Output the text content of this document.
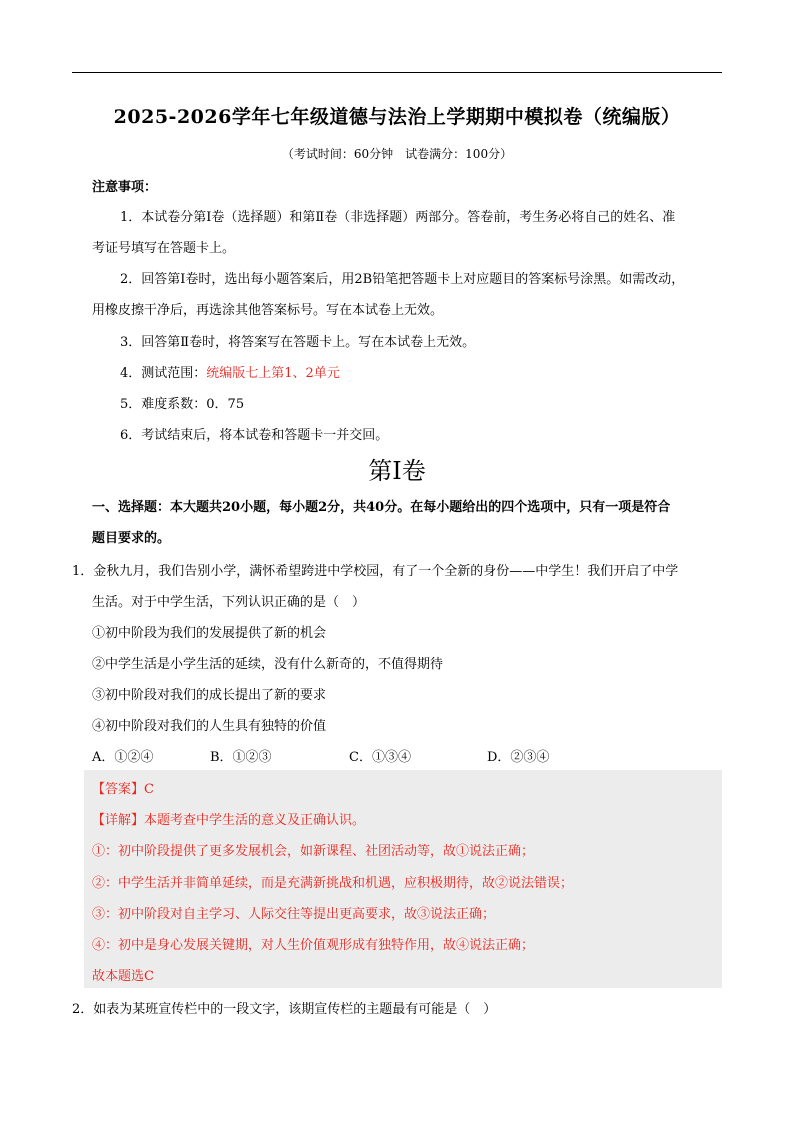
2025-2026学年七年级道德与法治上学期期中模拟卷（统编版）
（考试时间：60分钟　试卷满分：100分）
注意事项：
1．本试卷分第Ⅰ卷（选择题）和第Ⅱ卷（非选择题）两部分。答卷前，考生务必将自己的姓名、准
考证号填写在答题卡上。
2．回答第Ⅰ卷时，选出每小题答案后，用2B铅笔把答题卡上对应题目的答案标号涂黑。如需改动，
用橡皮擦干净后，再选涂其他答案标号。写在本试卷上无效。
3．回答第Ⅱ卷时，将答案写在答题卡上。写在本试卷上无效。
4．测试范围：统编版七上第1、2单元
5．难度系数：0．75
6．考试结束后，将本试卷和答题卡一并交回。
第Ⅰ卷
一、选择题：本大题共20小题，每小题2分，共40分。在每小题给出的四个选项中，只有一项是符合
题目要求的。
1．金秋九月，我们告别小学，满怀希望跨进中学校园，有了一个全新的身份——中学生！我们开启了中学
生活。对于中学生活，下列认识正确的是（　）
①初中阶段为我们的发展提供了新的机会
②中学生活是小学生活的延续，没有什么新奇的，不值得期待
③初中阶段对我们的成长提出了新的要求
④初中阶段对我们的人生具有独特的价值
A．①②④	B．①②③	C．①③④	D．②③④
【答案】C
【详解】本题考查中学生活的意义及正确认识。
①：初中阶段提供了更多发展机会，如新课程、社团活动等，故①说法正确；
②：中学生活并非简单延续，而是充满新挑战和机遇，应积极期待，故②说法错误；
③：初中阶段对自主学习、人际交往等提出更高要求，故③说法正确；
④：初中是身心发展关键期，对人生价值观形成有独特作用，故④说法正确；
故本题选C
2．如表为某班宣传栏中的一段文字，该期宣传栏的主题最有可能是（　）
